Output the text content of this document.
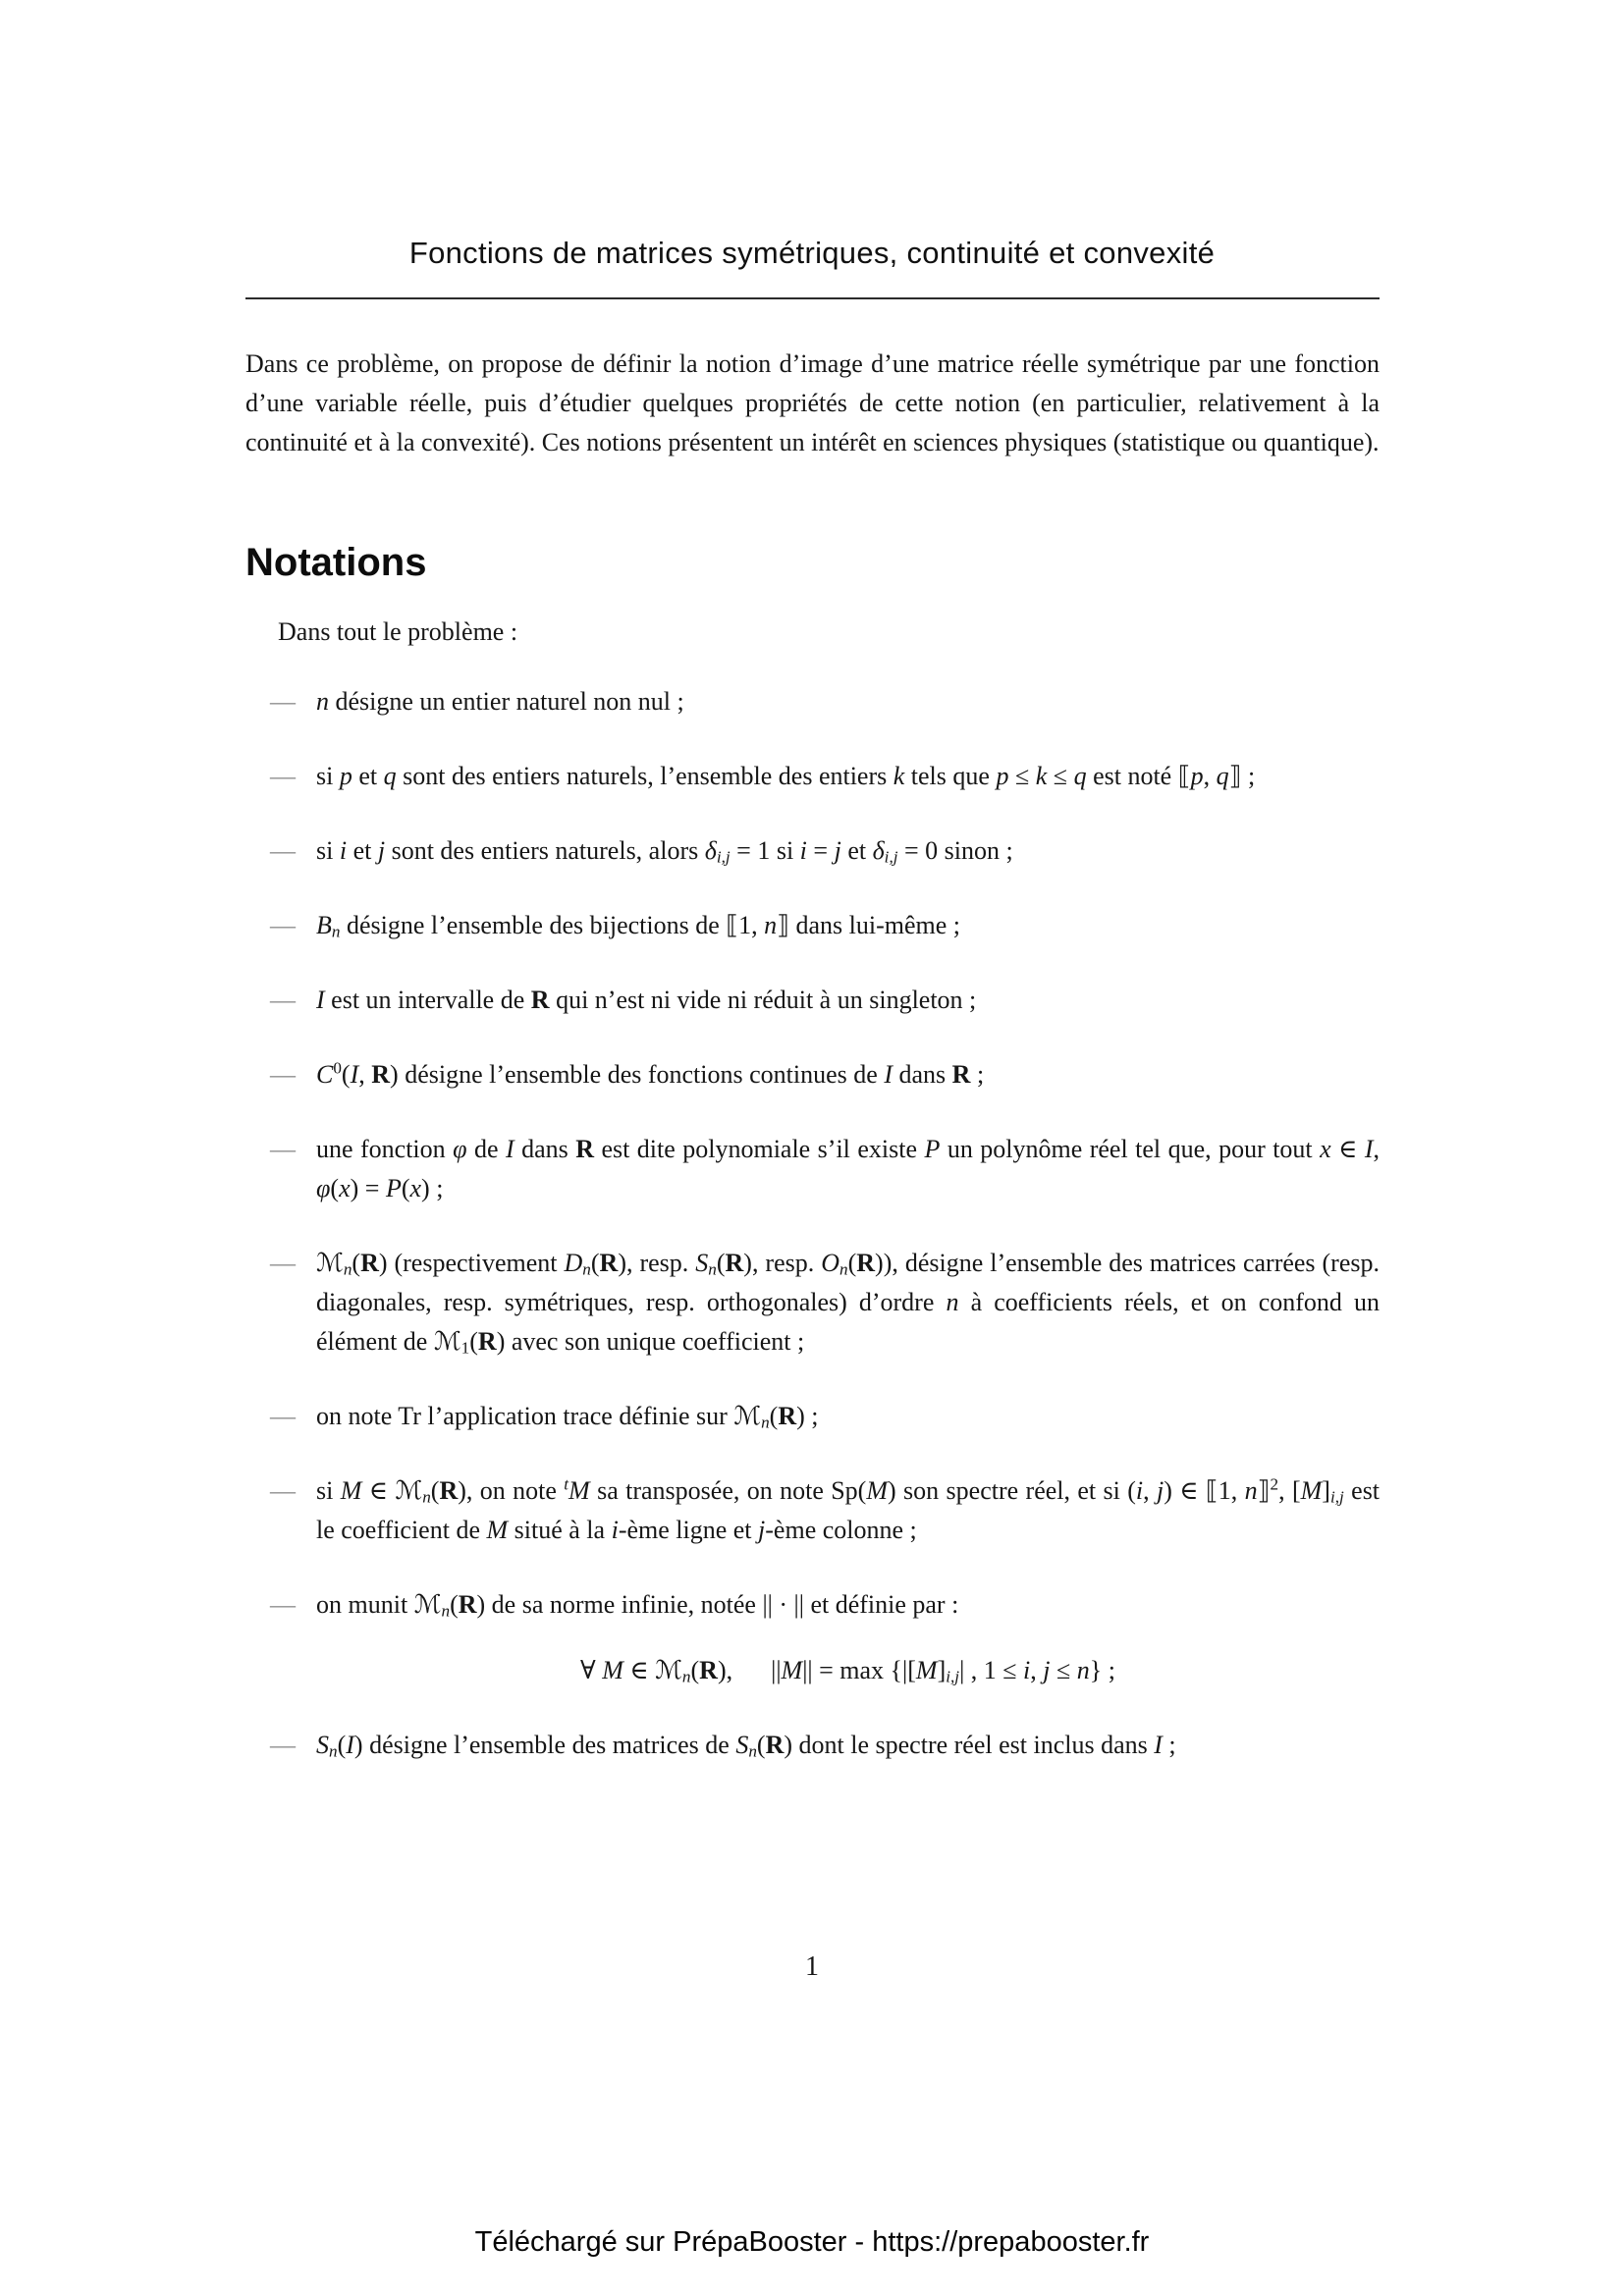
Fonctions de matrices symétriques, continuité et convexité

Dans ce problème, on propose de définir la notion d’image d’une matrice réelle symétrique par une fonction d’une variable réelle, puis d’étudier quelques propriétés de cette notion (en particulier, relativement à la continuité et à la convexité). Ces notions présentent un intérêt en sciences physiques (statistique ou quantique).

Notations

Dans tout le problème :

— n désigne un entier naturel non nul ;
— si p et q sont des entiers naturels, l’ensemble des entiers k tels que p ≤ k ≤ q est noté ⟦p, q⟧ ;
— si i et j sont des entiers naturels, alors δi,j = 1 si i = j et δi,j = 0 sinon ;
— Bn désigne l’ensemble des bijections de ⟦1, n⟧ dans lui-même ;
— I est un intervalle de R qui n’est ni vide ni réduit à un singleton ;
— $C^0(I$, R) désigne l’ensemble des fonctions continues de I dans R ;
— une fonction φ de I dans R est dite polynomiale s’il existe P un polynôme réel tel que, pour tout x ∈ I, φ(x) = P(x) ;
— ℳn(R) (respectivement Dn(R), resp. Sn(R), resp. On(R)), désigne l’ensemble des matrices carrées (resp. diagonales, resp. symétriques, resp. orthogonales) d’ordre n à coefficients réels, et on confond un élément de ℳ1(R) avec son unique coefficient ;
— on note Tr l’application trace définie sur ℳn(R) ;
— si M ∈ ℳn(R), on note $^t$M sa transposée, on note Sp(M) son spectre réel, et si (i, j) ∈ ⟦1, n⟧$^2$, [M]i,j est le coefficient de M situé à la i-ème ligne et j-ème colonne ;
— on munit ℳn(R) de sa norme infinie, notée || · || et définie par :
∀ M ∈ ℳn(R),  ||M|| = max {|[M]i,j| , 1 ≤ i, j ≤ n} ;
— Sn(I) désigne l’ensemble des matrices de Sn(R) dont le spectre réel est inclus dans I ;
1
Téléchargé sur PrépaBooster - https://prepabooster.fr
